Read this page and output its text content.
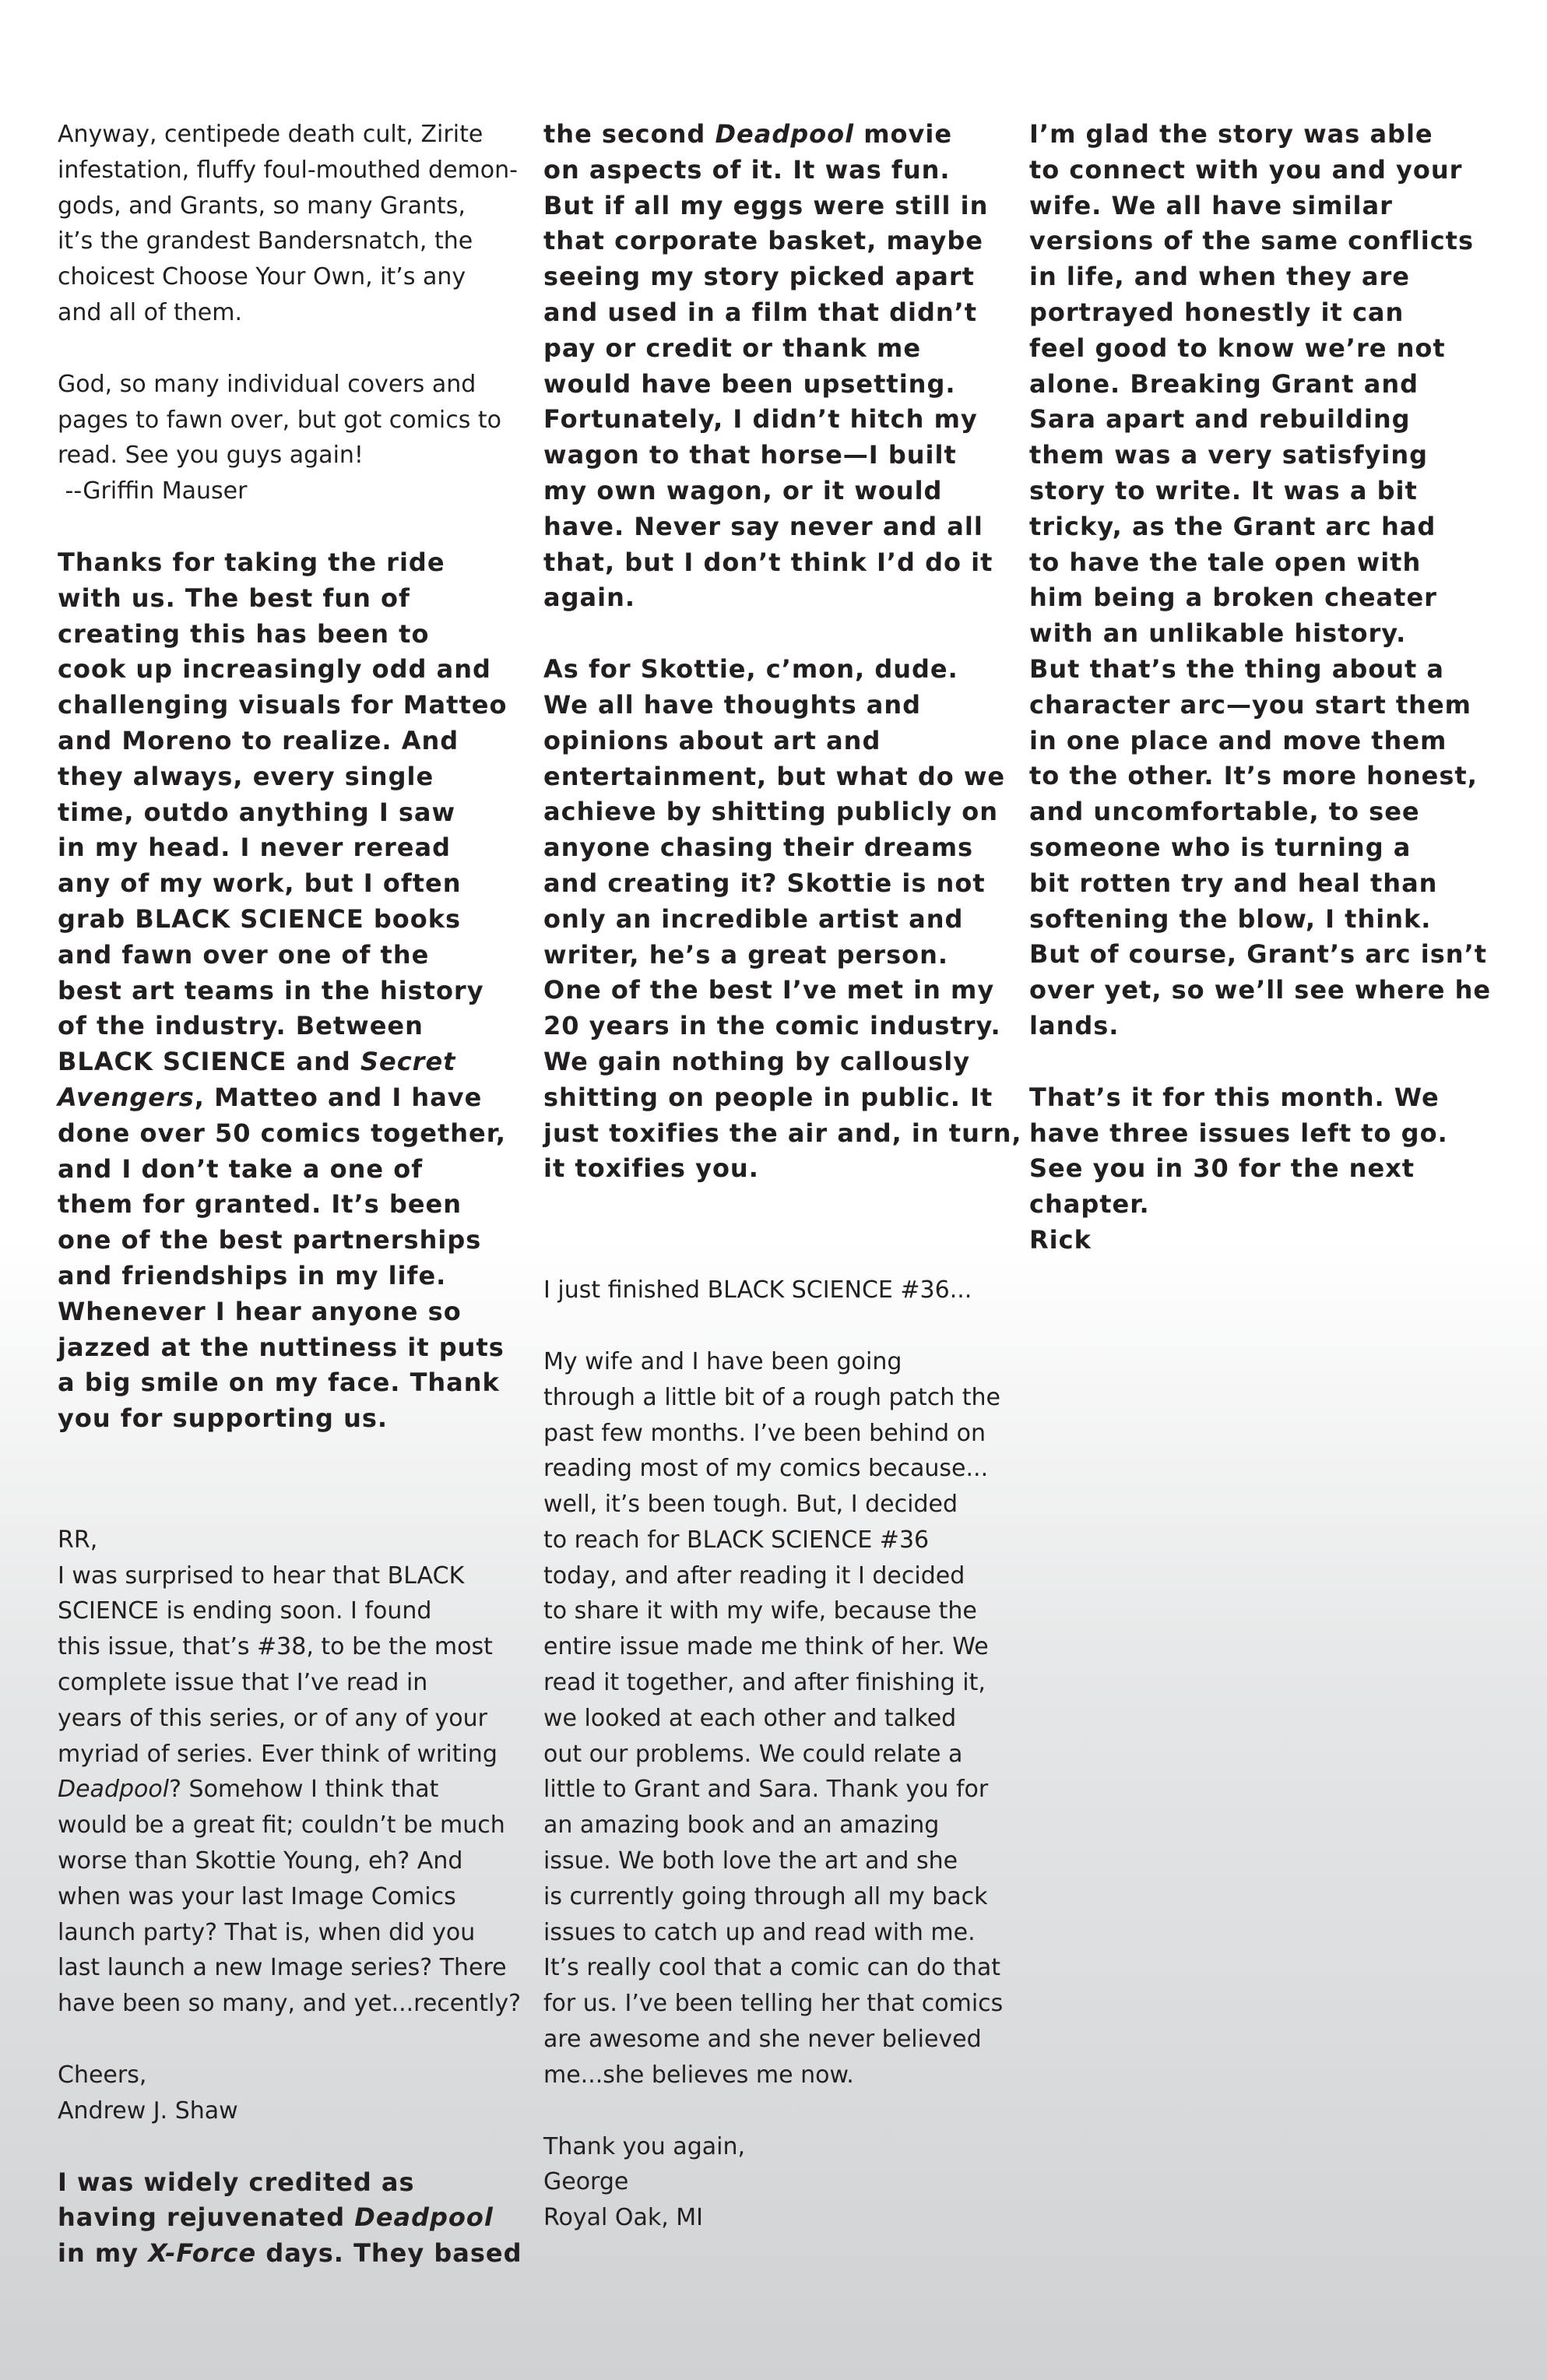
Anyway, centipede death cult, Zirite
infestation, fluffy foul-mouthed demon-
gods, and Grants, so many Grants,
it’s the grandest Bandersnatch, the
choicest Choose Your Own, it’s any
and all of them.
God, so many individual covers and
pages to fawn over, but got comics to
read. See you guys again!
--Griffin Mauser
Thanks for taking the ride
with us. The best fun of
creating this has been to
cook up increasingly odd and
challenging visuals for Matteo
and Moreno to realize. And
they always, every single
time, outdo anything I saw
in my head. I never reread
any of my work, but I often
grab BLACK SCIENCE books
and fawn over one of the
best art teams in the history
of the industry. Between
BLACK SCIENCE and Secret
Avengers, Matteo and I have
done over 50 comics together,
and I don’t take a one of
them for granted. It’s been
one of the best partnerships
and friendships in my life.
Whenever I hear anyone so
jazzed at the nuttiness it puts
a big smile on my face. Thank
you for supporting us.
RR,
I was surprised to hear that BLACK
SCIENCE is ending soon. I found
this issue, that’s #38, to be the most
complete issue that I’ve read in
years of this series, or of any of your
myriad of series. Ever think of writing
Deadpool? Somehow I think that
would be a great fit; couldn’t be much
worse than Skottie Young, eh? And
when was your last Image Comics
launch party? That is, when did you
last launch a new Image series? There
have been so many, and yet...recently?
Cheers,
Andrew J. Shaw
I was widely credited as
having rejuvenated Deadpool
in my X-Force days. They based
the second Deadpool movie
on aspects of it. It was fun.
But if all my eggs were still in
that corporate basket, maybe
seeing my story picked apart
and used in a film that didn’t
pay or credit or thank me
would have been upsetting.
Fortunately, I didn’t hitch my
wagon to that horse—I built
my own wagon, or it would
have. Never say never and all
that, but I don’t think I’d do it
again.
As for Skottie, c’mon, dude.
We all have thoughts and
opinions about art and
entertainment, but what do we
achieve by shitting publicly on
anyone chasing their dreams
and creating it? Skottie is not
only an incredible artist and
writer, he’s a great person.
One of the best I’ve met in my
20 years in the comic industry.
We gain nothing by callously
shitting on people in public. It
just toxifies the air and, in turn,
it toxifies you.
I just finished BLACK SCIENCE #36...
My wife and I have been going
through a little bit of a rough patch the
past few months. I’ve been behind on
reading most of my comics because...
well, it’s been tough. But, I decided
to reach for BLACK SCIENCE #36
today, and after reading it I decided
to share it with my wife, because the
entire issue made me think of her. We
read it together, and after finishing it,
we looked at each other and talked
out our problems. We could relate a
little to Grant and Sara. Thank you for
an amazing book and an amazing
issue. We both love the art and she
is currently going through all my back
issues to catch up and read with me.
It’s really cool that a comic can do that
for us. I’ve been telling her that comics
are awesome and she never believed
me...she believes me now.
Thank you again,
George
Royal Oak, MI
I’m glad the story was able
to connect with you and your
wife. We all have similar
versions of the same conflicts
in life, and when they are
portrayed honestly it can
feel good to know we’re not
alone. Breaking Grant and
Sara apart and rebuilding
them was a very satisfying
story to write. It was a bit
tricky, as the Grant arc had
to have the tale open with
him being a broken cheater
with an unlikable history.
But that’s the thing about a
character arc—you start them
in one place and move them
to the other. It’s more honest,
and uncomfortable, to see
someone who is turning a
bit rotten try and heal than
softening the blow, I think.
But of course, Grant’s arc isn’t
over yet, so we’ll see where he
lands.
That’s it for this month. We
have three issues left to go.
See you in 30 for the next
chapter.
Rick
